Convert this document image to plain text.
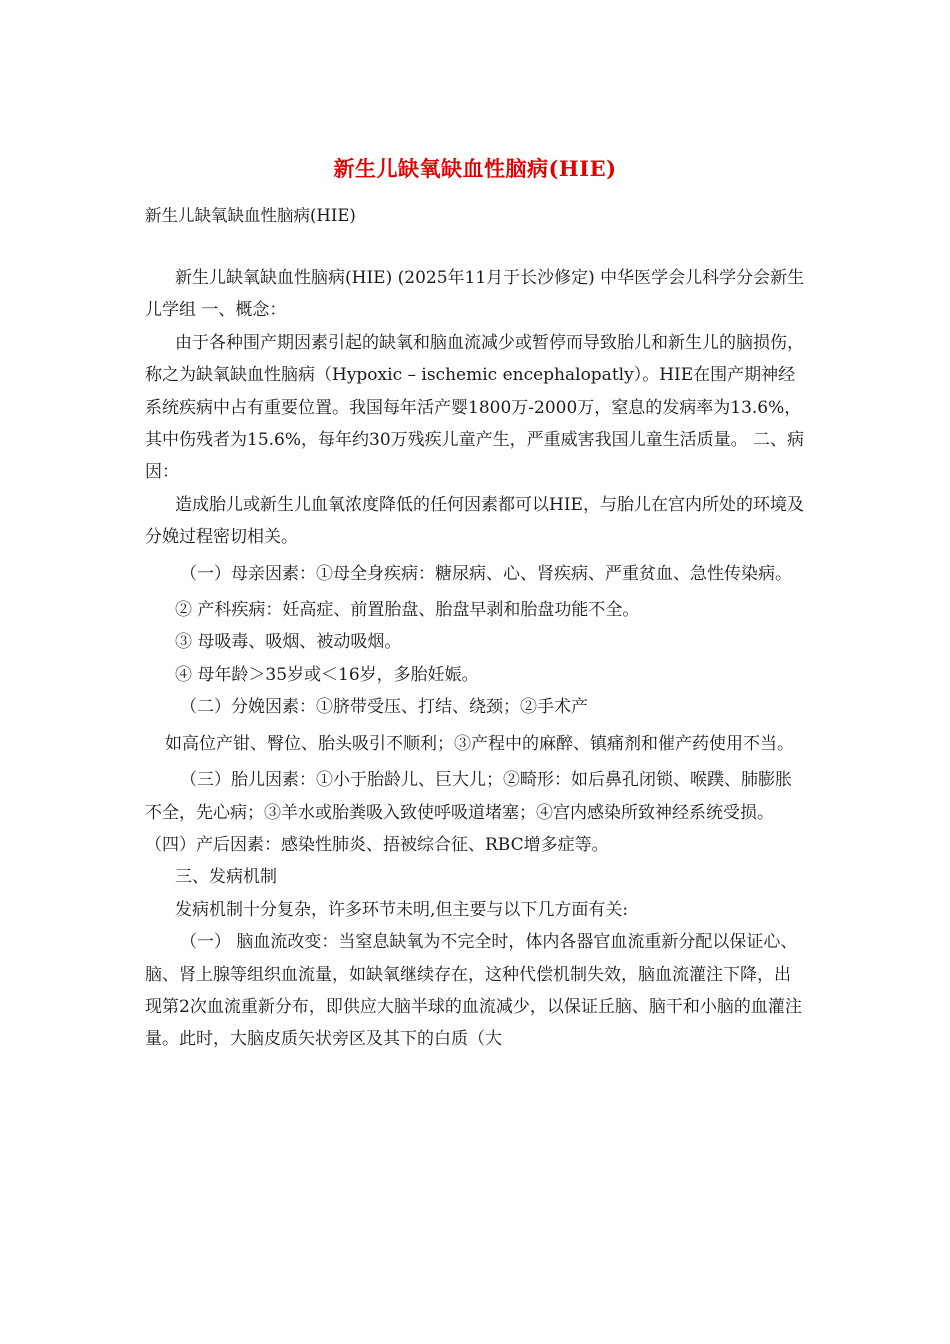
新生儿缺氧缺血性脑病(HIE)
新生儿缺氧缺血性脑病(HIE)

新生儿缺氧缺血性脑病(HIE) (2025年11月于长沙修定) 中华医学会儿科学分会新生儿学组 一、概念：

由于各种围产期因素引起的缺氧和脑血流减少或暂停而导致胎儿和新生儿的脑损伤，称之为缺氧缺血性脑病（Hypoxic – ischemic encephalopatly）。HIE在围产期神经系统疾病中占有重要位置。我国每年活产婴1800万-2000万，窒息的发病率为13.6%，其中伤残者为15.6%，每年约30万残疾儿童产生，严重威害我国儿童生活质量。 二、病因：

造成胎儿或新生儿血氧浓度降低的任何因素都可以HIE，与胎儿在宫内所处的环境及分娩过程密切相关。

（一）母亲因素：①母全身疾病：糖尿病、心、肾疾病、严重贫血、急性传染病。

② 产科疾病：妊高症、前置胎盘、胎盘早剥和胎盘功能不全。

③ 母吸毒、吸烟、被动吸烟。

④ 母年龄＞35岁或＜16岁，多胎妊娠。

（二）分娩因素：①脐带受压、打结、绕颈；②手术产

如高位产钳、臀位、胎头吸引不顺利；③产程中的麻醉、镇痛剂和催产药使用不当。

（三）胎儿因素：①小于胎龄儿、巨大儿；②畸形：如后鼻孔闭锁、喉蹼、肺膨胀不全，先心病；③羊水或胎粪吸入致使呼吸道堵塞；④宫内感染所致神经系统受损。 （四）产后因素：感染性肺炎、捂被综合征、RBC增多症等。

三、发病机制

发病机制十分复杂，许多环节未明,但主要与以下几方面有关:

（一） 脑血流改变：当窒息缺氧为不完全时，体内各器官血流重新分配以保证心、脑、肾上腺等组织血流量，如缺氧继续存在，这种代偿机制失效，脑血流灌注下降，出现第2次血流重新分布，即供应大脑半球的血流减少，以保证丘脑、脑干和小脑的血灌注量。此时，大脑皮质矢状旁区及其下的白质（大
